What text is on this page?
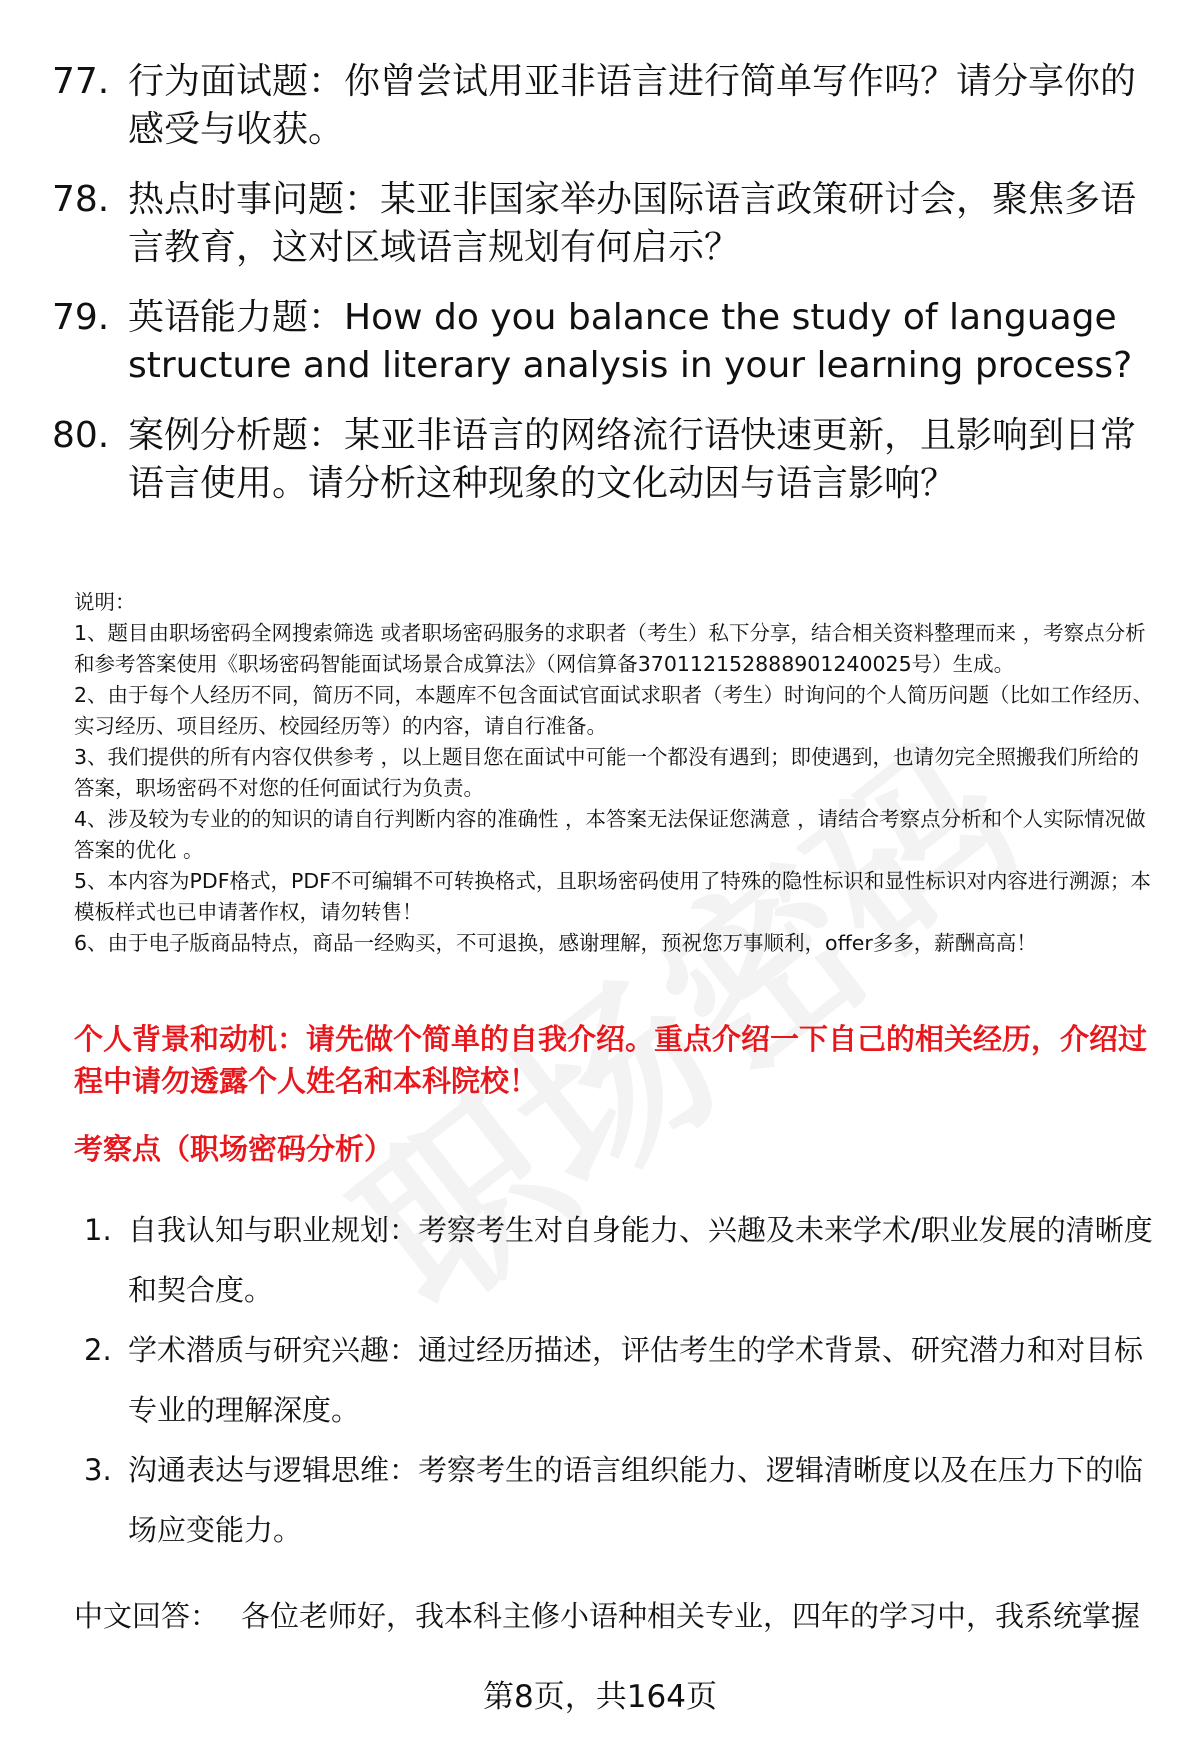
77. 行为面试题：你曾尝试用亚非语言进行简单写作吗？请分享你的感受与收获。
78. 热点时事问题：某亚非国家举办国际语言政策研讨会，聚焦多语言教育，这对区域语言规划有何启示？
79. 英语能力题：How do you balance the study of language structure and literary analysis in your learning process?
80. 案例分析题：某亚非语言的网络流行语快速更新，且影响到日常语言使用。请分析这种现象的文化动因与语言影响？

说明：

1、题目由职场密码全网搜索筛选 或者职场密码服务的求职者（考生）私下分享，结合相关资料整理而来 ，考察点分析和参考答案使用《职场密码智能面试场景合成算法》（网信算备370112152888901240025号）生成。

2、由于每个人经历不同，简历不同，本题库不包含面试官面试求职者（考生）时询问的个人简历问题（比如工作经历、实习经历、项目经历、校园经历等）的内容，请自行准备。

3、我们提供的所有内容仅供参考 ，以上题目您在面试中可能一个都没有遇到；即使遇到，也请勿完全照搬我们所给的答案，职场密码不对您的任何面试行为负责。

4、涉及较为专业的的知识的请自行判断内容的准确性 ，本答案无法保证您满意 ，请结合考察点分析和个人实际情况做答案的优化 。

5、本内容为PDF格式，PDF不可编辑不可转换格式，且职场密码使用了特殊的隐性标识和显性标识对内容进行溯源；本模板样式也已申请著作权，请勿转售！

6、由于电子版商品特点，商品一经购买，不可退换，感谢理解，预祝您万事顺利，offer多多，薪酬高高！

个人背景和动机：请先做个简单的自我介绍。重点介绍一下自己的相关经历，介绍过程中请勿透露个人姓名和本科院校！
考察点（职场密码分析）
1. 自我认知与职业规划：考察考生对自身能力、兴趣及未来学术/职业发展的清晰度和契合度。
2. 学术潜质与研究兴趣：通过经历描述，评估考生的学术背景、研究潜力和对目标专业的理解深度。
3. 沟通表达与逻辑思维：考察考生的语言组织能力、逻辑清晰度以及在压力下的临场应变能力。
中文回答： 各位老师好，我本科主修小语种相关专业，四年的学习中，我系统掌握
第8页，共164页
